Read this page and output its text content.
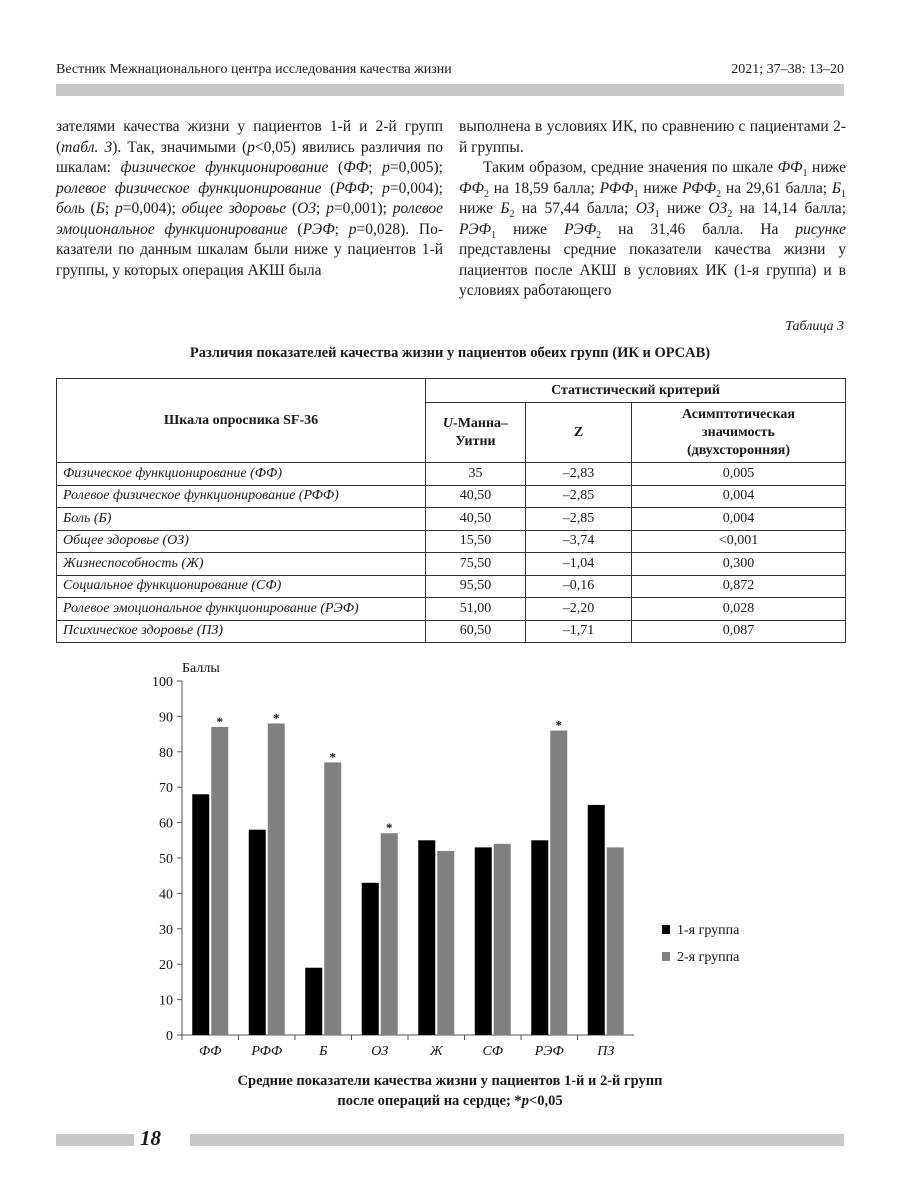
Вестник Межнационального центра исследования качества жизни	2021; 37–38: 13–20

зателями качества жизни у пациентов 1-й и 2-й групп (табл. 3). Так, значимыми (p<0,05) явились различия по шкалам: физическое функционирование (ФФ; p=0,005); ролевое физическое функционирование (РФФ; p=0,004); боль (Б; p=0,004); общее здоровье (ОЗ; p=0,001); ролевое эмоциональное функционирование (РЭФ; p=0,028). Показатели по данным шкалам были ниже у пациентов 1-й группы, у которых операция АКШ была

выполнена в условиях ИК, по сравнению с пациентами 2-й группы.

Таким образом, средние значения по шкале $ФФ_1$ ниже $ФФ_2$ на 18,59 балла; $РФФ_1$ ниже $РФФ_2$ на 29,61 балла; $Б_1$ ниже $Б_2$ на 57,44 балла; $ОЗ_1$ ниже $ОЗ_2$ на 14,14 балла; $РЭФ_1$ ниже $РЭФ_2$ на 31,46 балла. На рисунке представлены средние показатели качества жизни у пациентов после АКШ в условиях ИК (1-я группа) и в условиях работающего

Таблица 3
Различия показателей качества жизни у пациентов обеих групп (ИК и OPCAB)
Шкала опросника SF-36	Статистический критерий		
	U-Манна–
Уитни	Z	Асимптотическая
значимость
(двухсторонняя)
Физическое функционирование (ФФ)	35	–2,83	0,005
Ролевое физическое функционирование (РФФ)	40,50	–2,85	0,004
Боль (Б)	40,50	–2,85	0,004
Общее здоровье (ОЗ)	15,50	–3,74	<0,001
Жизнеспособность (Ж)	75,50	–1,04	0,300
Социальное функционирование (СФ)	95,50	–0,16	0,872
Ролевое эмоциональное функционирование (РЭФ)	51,00	–2,20	0,028
Психическое здоровье (ПЗ)	60,50	–1,71	0,087
Баллы
0
10
20
30
40
50
60
70
80
90
100
*
ФФ
*
РФФ
*
Б
*
ОЗ	Ж	СФ
*
РЭФ ПЗ
1-я группа
2-я группа
Средние показатели качества жизни у пациентов 1-й и 2-й групп
после операций на сердце; *p<0,05
18
